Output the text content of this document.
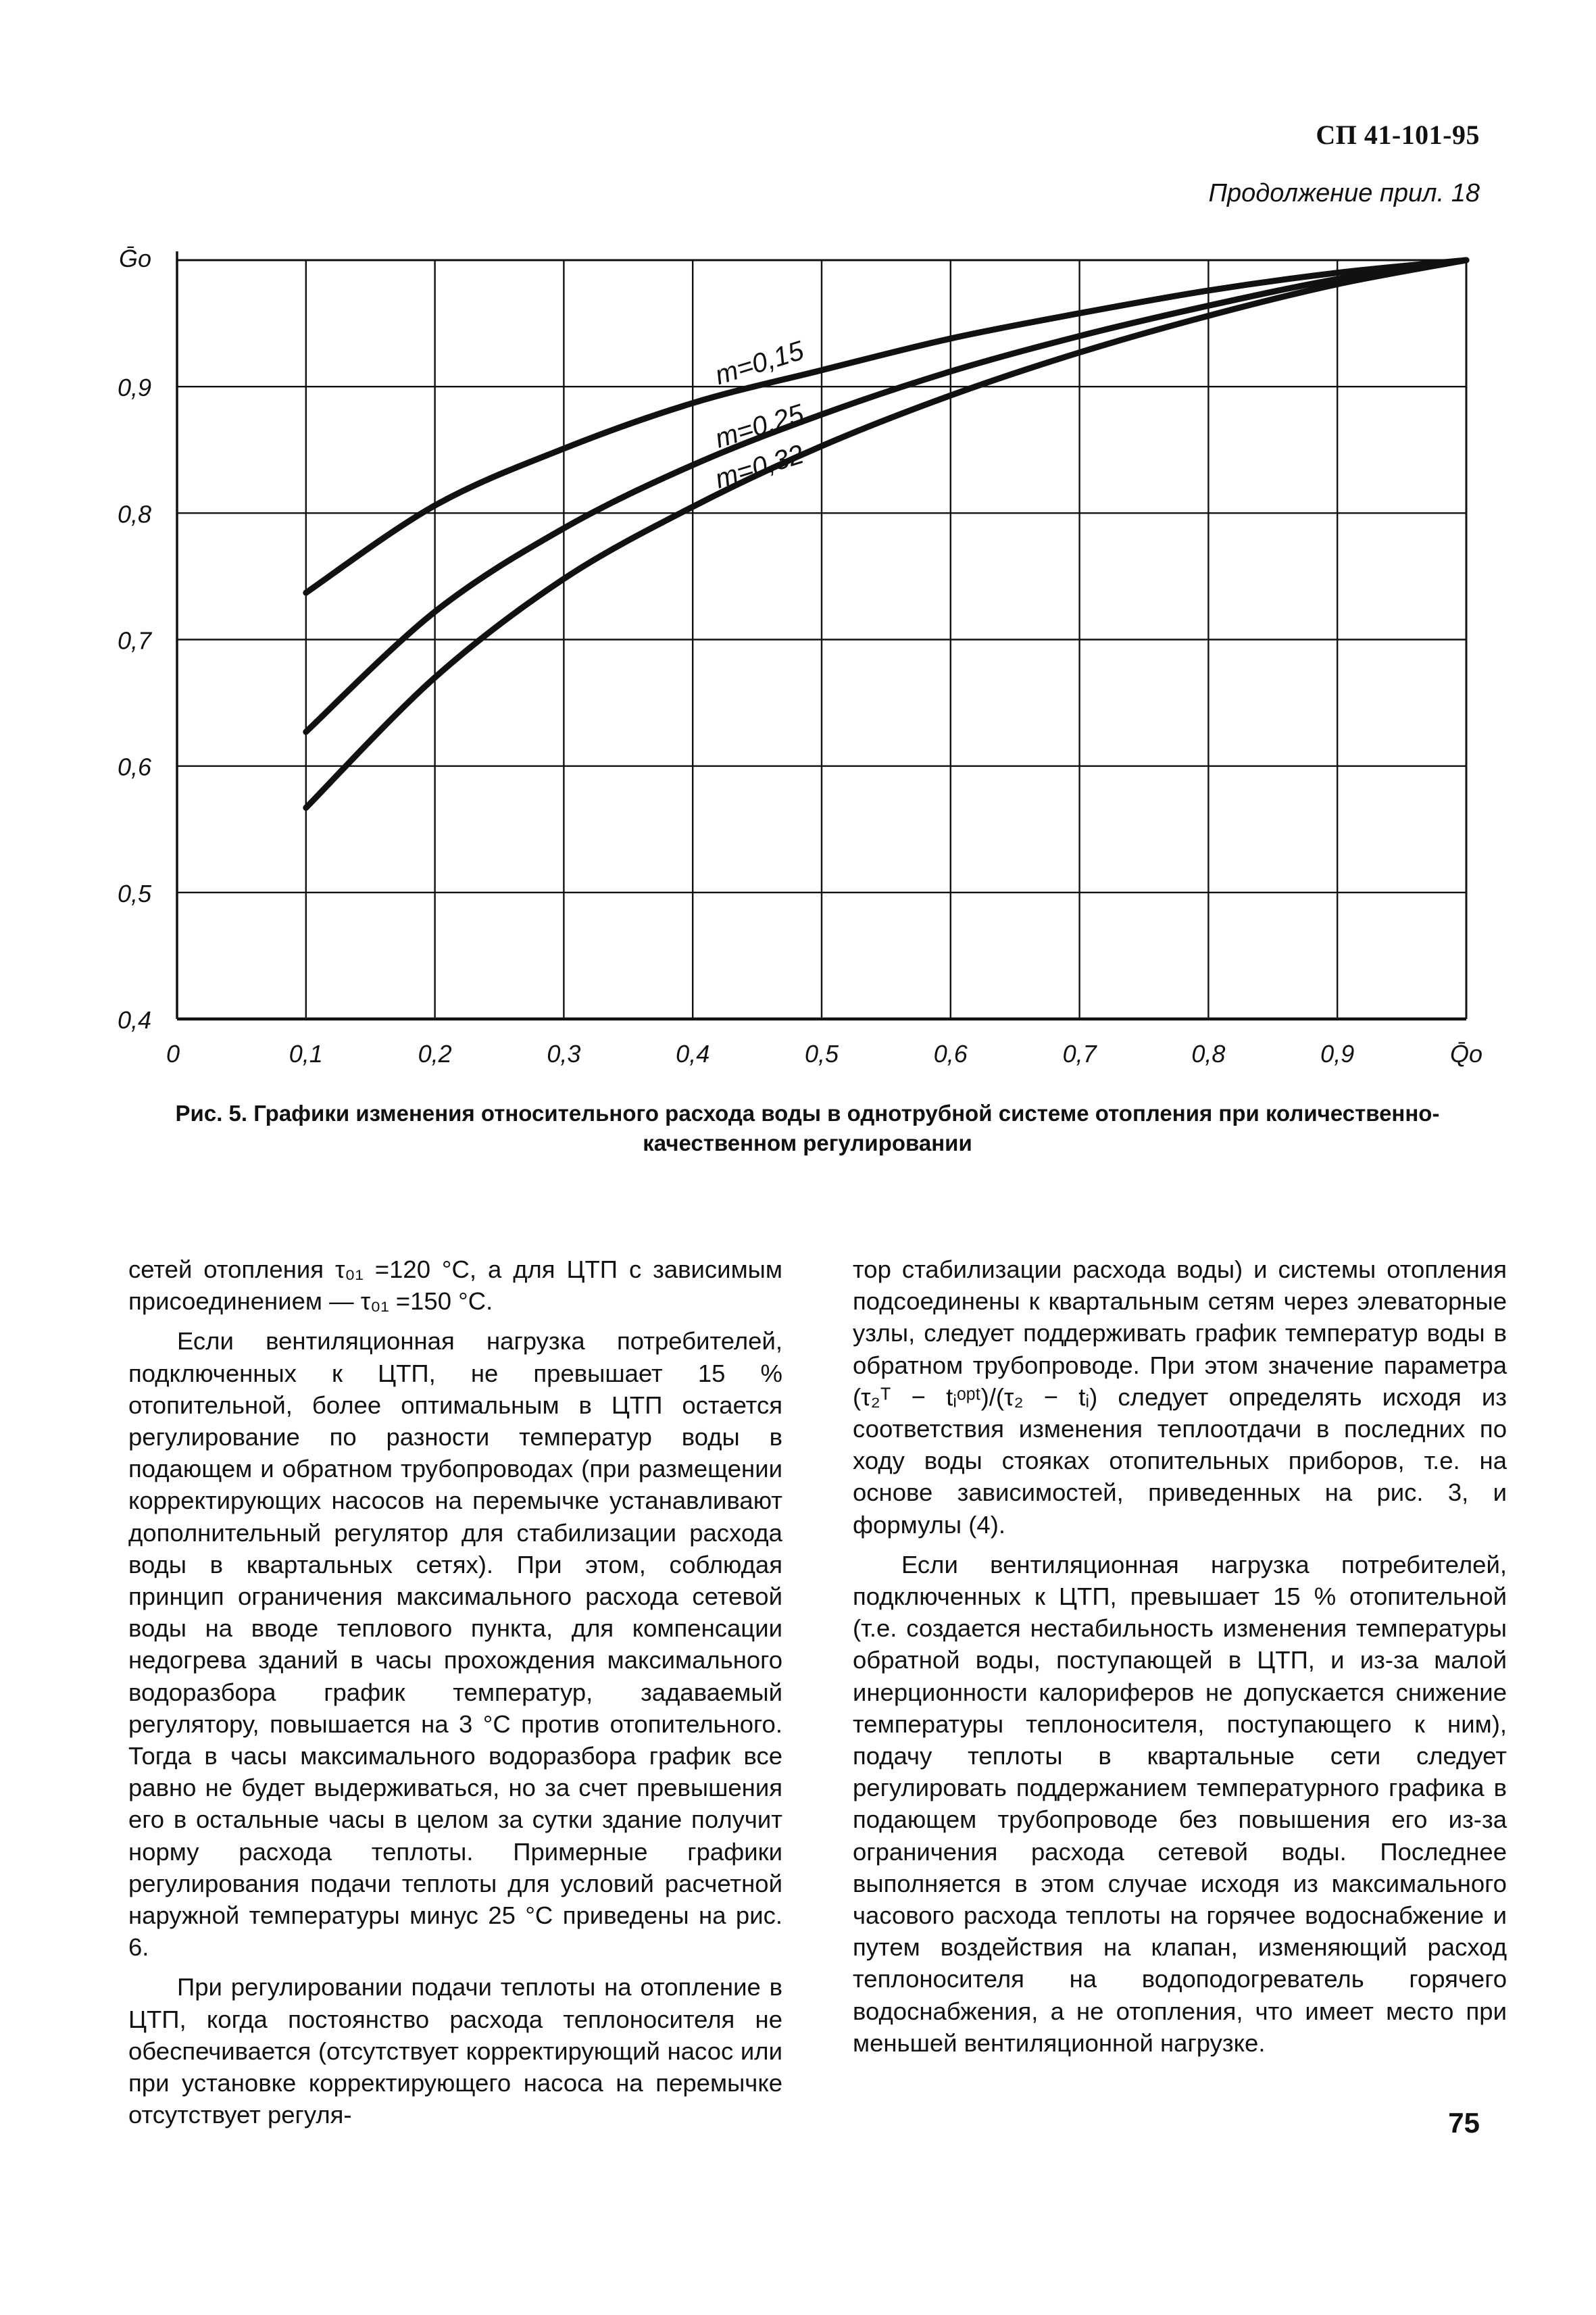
СП 41-101-95
Продолжение прил. 18
0	0,1	0,2	0,3	0,4	0,5	0,6	0,7	0,8	0,9	Q̄o
0,4
0,5
0,6
0,7
0,8
0,9
Ḡo
m=0,15
m=0,25
m=0,32
Рис. 5. Графики изменения относительного расхода воды в однотрубной системе отопления при количественно-качественном регулировании

сетей отопления τ₀₁ =120 °С, а для ЦТП с зависимым присоединением — τ₀₁ =150 °С.

Если вентиляционная нагрузка потребителей, подключенных к ЦТП, не превышает 15 % отопительной, более оптимальным в ЦТП остается регулирование по разности температур воды в подающем и обратном трубопроводах (при размещении корректирующих насосов на перемычке устанавливают дополнительный регулятор для стабилизации расхода воды в квартальных сетях). При этом, соблюдая принцип ограничения максимального расхода сетевой воды на вводе теплового пункта, для компенсации недогрева зданий в часы прохождения максимального водоразбора график температур, задаваемый регулятору, повышается на 3 °С против отопительного. Тогда в часы максимального водоразбора график все равно не будет выдерживаться, но за счет превышения его в остальные часы в целом за сутки здание получит норму расхода теплоты. Примерные графики регулирования подачи теплоты для условий расчетной наружной температуры минус 25 °С приведены на рис. 6.

При регулировании подачи теплоты на отопление в ЦТП, когда постоянство расхода теплоносителя не обеспечивается (отсутствует корректирующий насос или при установке корректирующего насоса на перемычке отсутствует регуля-

тор стабилизации расхода воды) и системы отопления подсоединены к квартальным сетям через элеваторные узлы, следует поддерживать график температур воды в обратном трубопроводе. При этом значение параметра (τ₂ᵀ − tᵢᵒᵖᵗ)/(τ₂ − tᵢ) следует определять исходя из соответствия изменения теплоотдачи в последних по ходу воды стояках отопительных приборов, т.е. на основе зависимостей, приведенных на рис. 3, и формулы (4).

Если вентиляционная нагрузка потребителей, подключенных к ЦТП, превышает 15 % отопительной (т.е. создается нестабильность изменения температуры обратной воды, поступающей в ЦТП, и из-за малой инерционности калориферов не допускается снижение температуры теплоносителя, поступающего к ним), подачу теплоты в квартальные сети следует регулировать поддержанием температурного графика в подающем трубопроводе без повышения его из-за ограничения расхода сетевой воды. Последнее выполняется в этом случае исходя из максимального часового расхода теплоты на горячее водоснабжение и путем воздействия на клапан, изменяющий расход теплоносителя на водоподогреватель горячего водоснабжения, а не отопления, что имеет место при меньшей вентиляционной нагрузке.

75
